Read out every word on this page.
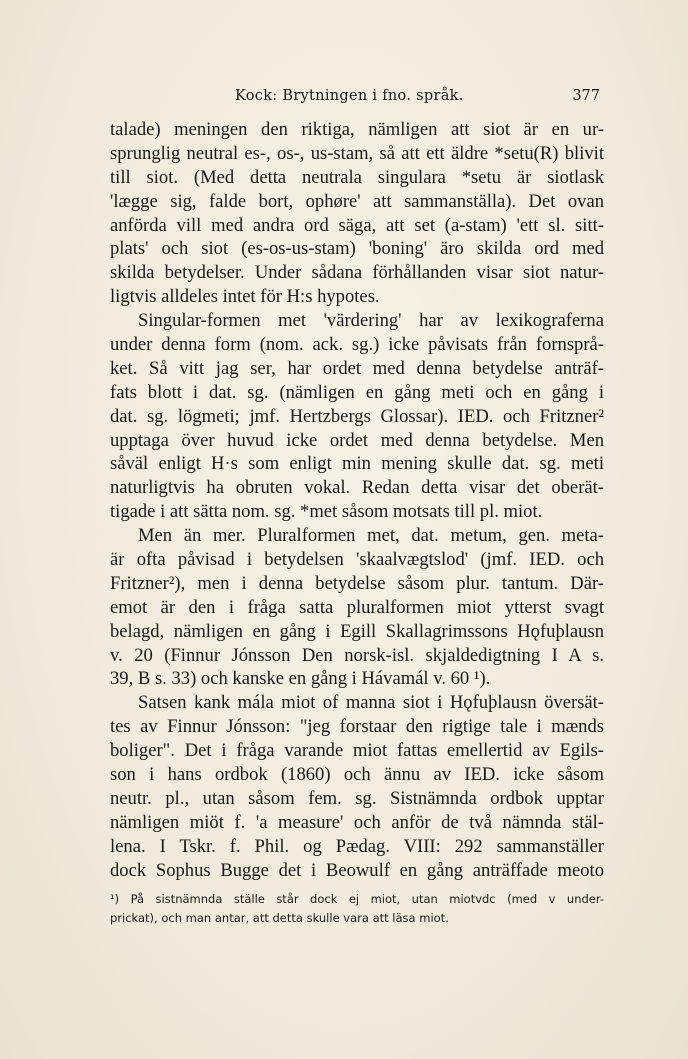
Kock: Brytningen i fno. språk.	377
talade) meningen den riktiga, nämligen att siot är en ur-
sprunglig neutral es-, os-, us-stam, så att ett äldre *setu(R) blivit
till siot. (Med detta neutrala singulara *setu är siotlask
'lægge sig, falde bort, ophøre' att sammanställa). Det ovan
anförda vill med andra ord säga, att set (a-stam) 'ett sl. sitt-
plats' och siot (es-os-us-stam) 'boning' äro skilda ord med
skilda betydelser. Under sådana förhållanden visar siot natur-
ligtvis alldeles intet för H:s hypotes.
Singular-formen met 'värdering' har av lexikograferna
under denna form (nom. ack. sg.) icke påvisats från fornsprå-
ket. Så vitt jag ser, har ordet med denna betydelse anträf-
fats blott i dat. sg. (nämligen en gång meti och en gång i
dat. sg. lögmeti; jmf. Hertzbergs Glossar). IED. och Fritzner²
upptaga över huvud icke ordet med denna betydelse. Men
såväl enligt H·s som enligt min mening skulle dat. sg. meti
naturligtvis ha obruten vokal. Redan detta visar det oberät-
tigade i att sätta nom. sg. *met såsom motsats till pl. miot.
Men än mer. Pluralformen met, dat. metum, gen. meta-
är ofta påvisad i betydelsen 'skaalvægtslod' (jmf. IED. och
Fritzner²), men i denna betydelse såsom plur. tantum. Där-
emot är den i fråga satta pluralformen miot ytterst svagt
belagd, nämligen en gång i Egill Skallagrimssons Hǫfuþlausn
v. 20 (Finnur Jónsson Den norsk-isl. skjaldedigtning I A s.
39, B s. 33) och kanske en gång i Hávamál v. 60 ¹).
Satsen kank mála miot of manna siot i Hǫfuþlausn översät-
tes av Finnur Jónsson: "jeg forstaar den rigtige tale i mænds
boliger". Det i fråga varande miot fattas emellertid av Egils-
son i hans ordbok (1860) och ännu av IED. icke såsom
neutr. pl., utan såsom fem. sg. Sistnämnda ordbok upptar
nämligen miöt f. 'a measure' och anför de två nämnda stäl-
lena. I Tskr. f. Phil. og Pædag. VIII: 292 sammanställer
dock Sophus Bugge det i Beowulf en gång anträffade meoto
¹) På sistnämnda ställe står dock ej miot, utan miotvdc (med v under-
prickat), och man antar, att detta skulle vara att läsa miot.
